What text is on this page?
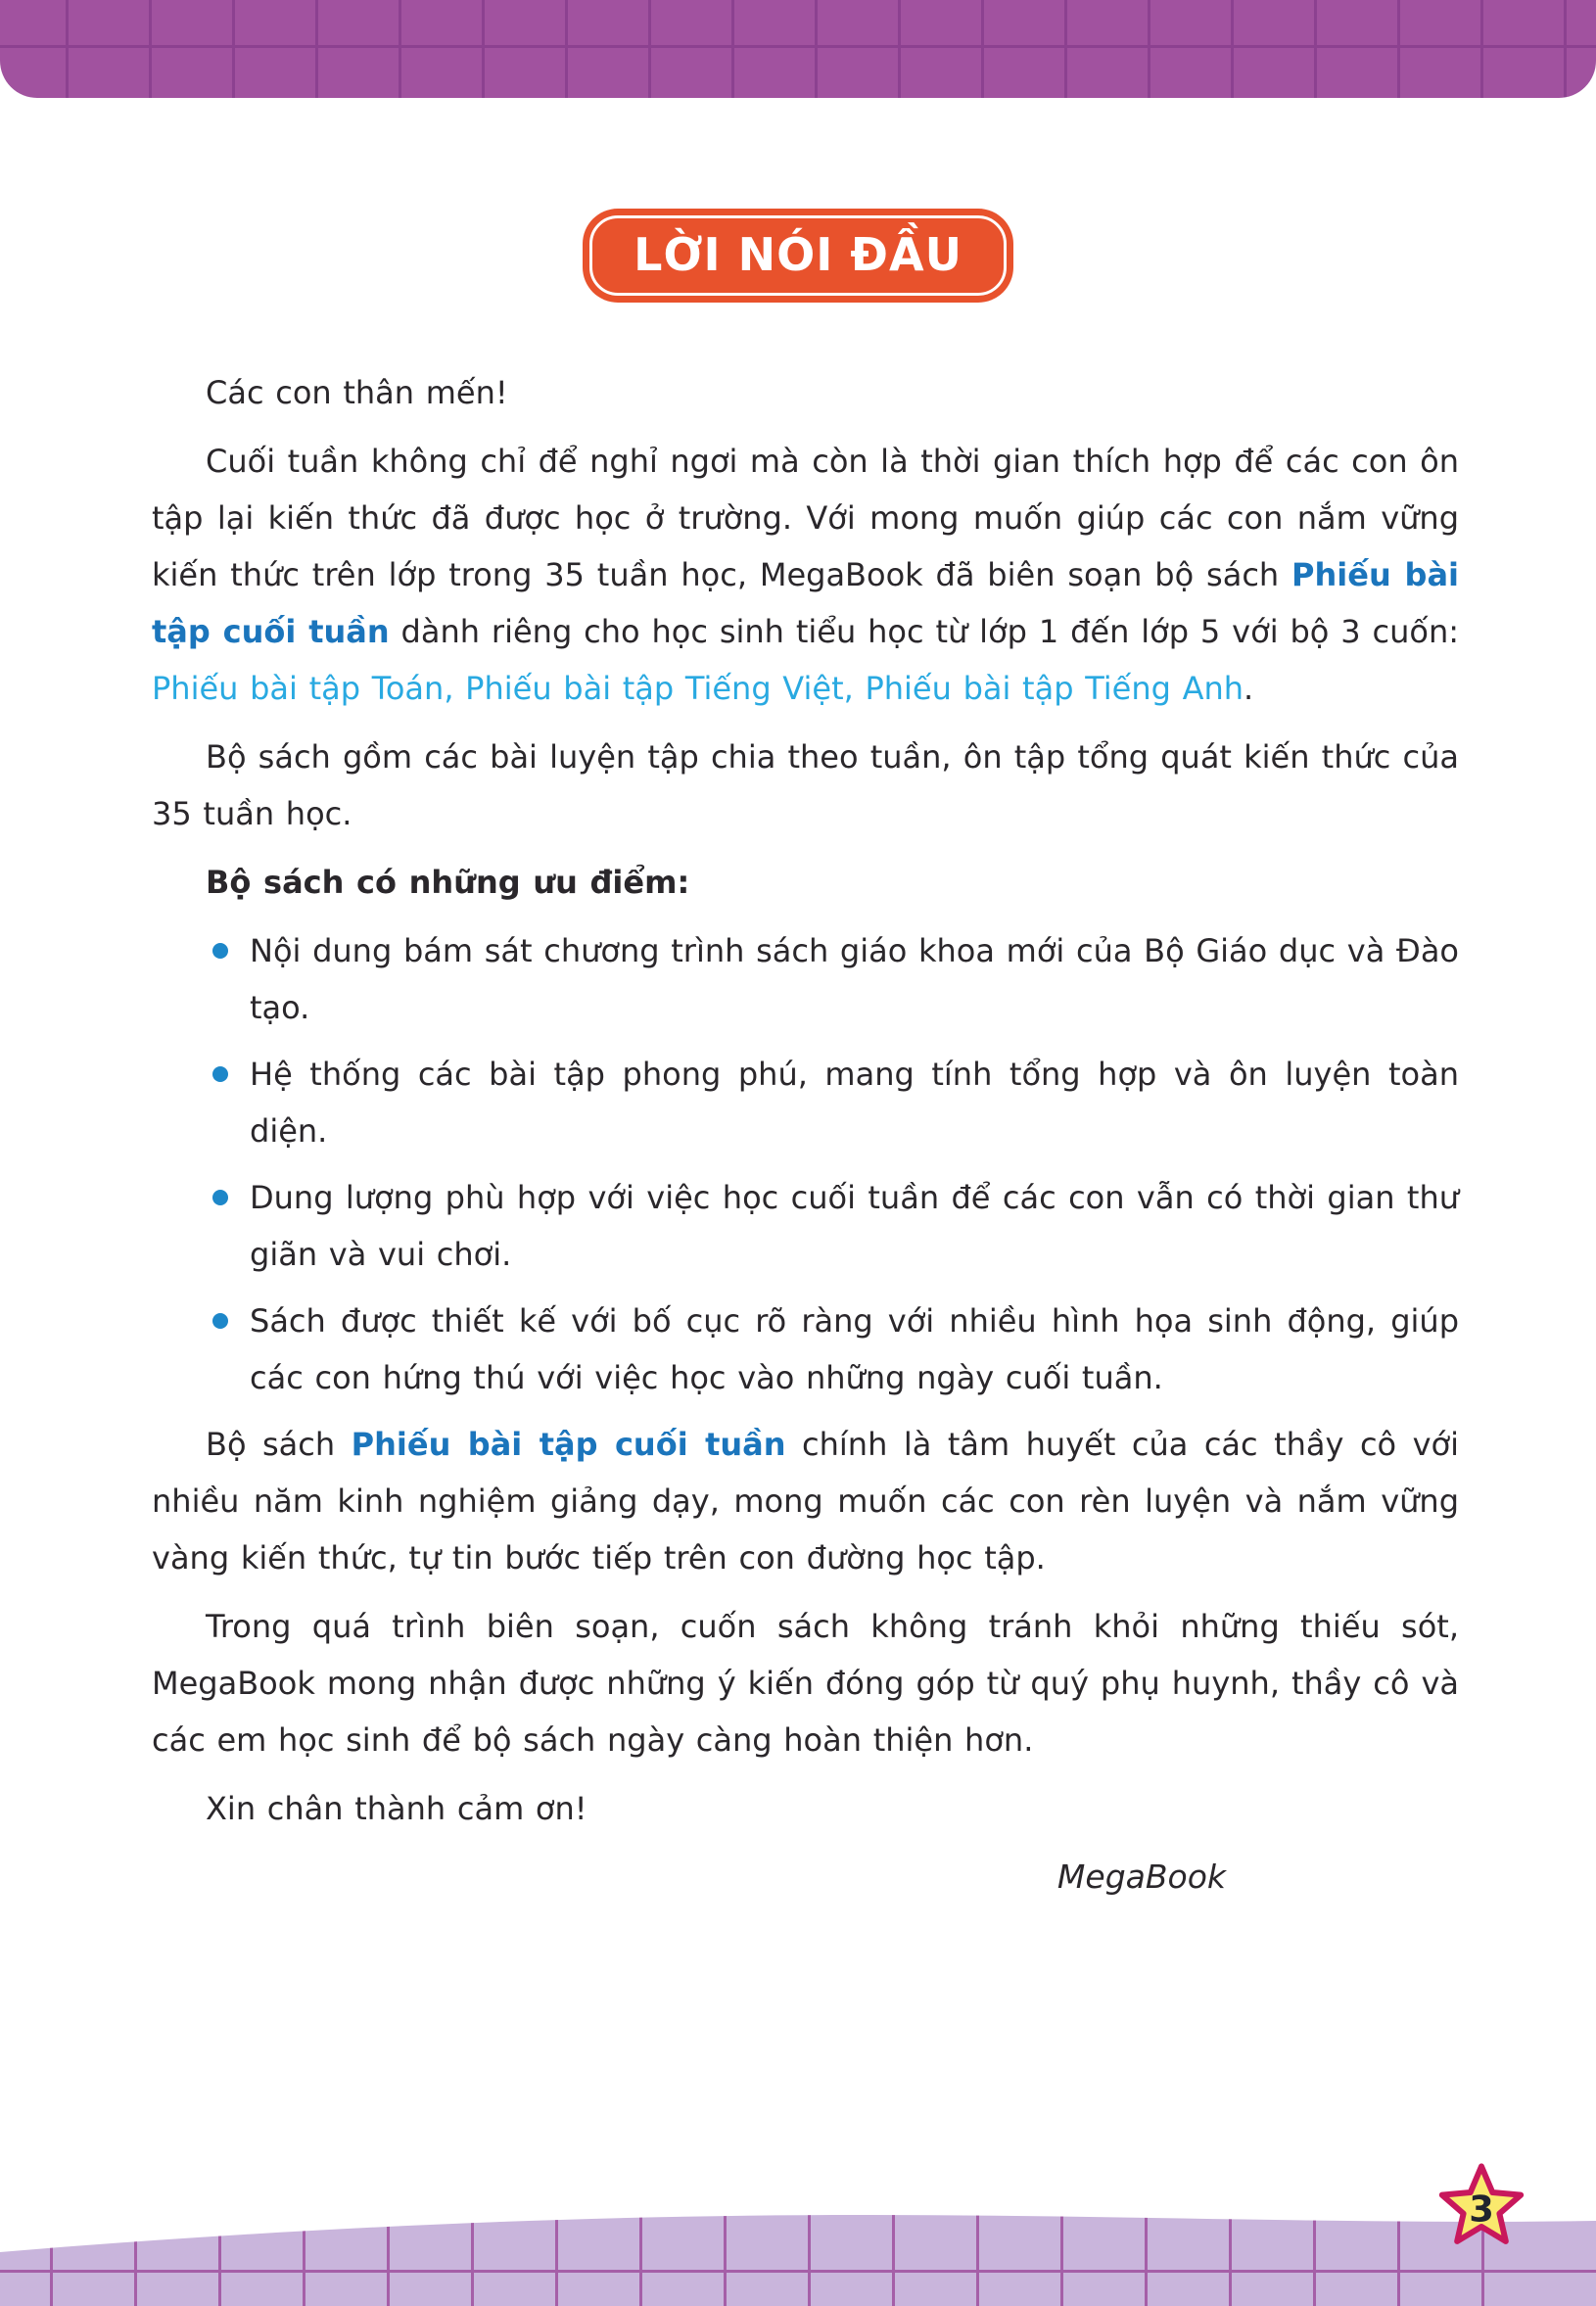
LỜI NÓI ĐẦU

Các con thân mến!

Cuối tuần không chỉ để nghỉ ngơi mà còn là thời gian thích hợp để các con ôn tập lại kiến thức đã được học ở trường. Với mong muốn giúp các con nắm vững kiến thức trên lớp trong 35 tuần học, MegaBook đã biên soạn bộ sách Phiếu bài tập cuối tuần dành riêng cho học sinh tiểu học từ lớp 1 đến lớp 5 với bộ 3 cuốn: Phiếu bài tập Toán, Phiếu bài tập Tiếng Việt, Phiếu bài tập Tiếng Anh.

Bộ sách gồm các bài luyện tập chia theo tuần, ôn tập tổng quát kiến thức của 35 tuần học.

Bộ sách có những ưu điểm:

Nội dung bám sát chương trình sách giáo khoa mới của Bộ Giáo dục và Đào tạo.
Hệ thống các bài tập phong phú, mang tính tổng hợp và ôn luyện toàn diện.
Dung lượng phù hợp với việc học cuối tuần để các con vẫn có thời gian thư giãn và vui chơi.
Sách được thiết kế với bố cục rõ ràng với nhiều hình họa sinh động, giúp các con hứng thú với việc học vào những ngày cuối tuần.

Bộ sách Phiếu bài tập cuối tuần chính là tâm huyết của các thầy cô với nhiều năm kinh nghiệm giảng dạy, mong muốn các con rèn luyện và nắm vững vàng kiến thức, tự tin bước tiếp trên con đường học tập.

Trong quá trình biên soạn, cuốn sách không tránh khỏi những thiếu sót, MegaBook mong nhận được những ý kiến đóng góp từ quý phụ huynh, thầy cô và các em học sinh để bộ sách ngày càng hoàn thiện hơn.

Xin chân thành cảm ơn!

MegaBook
3
